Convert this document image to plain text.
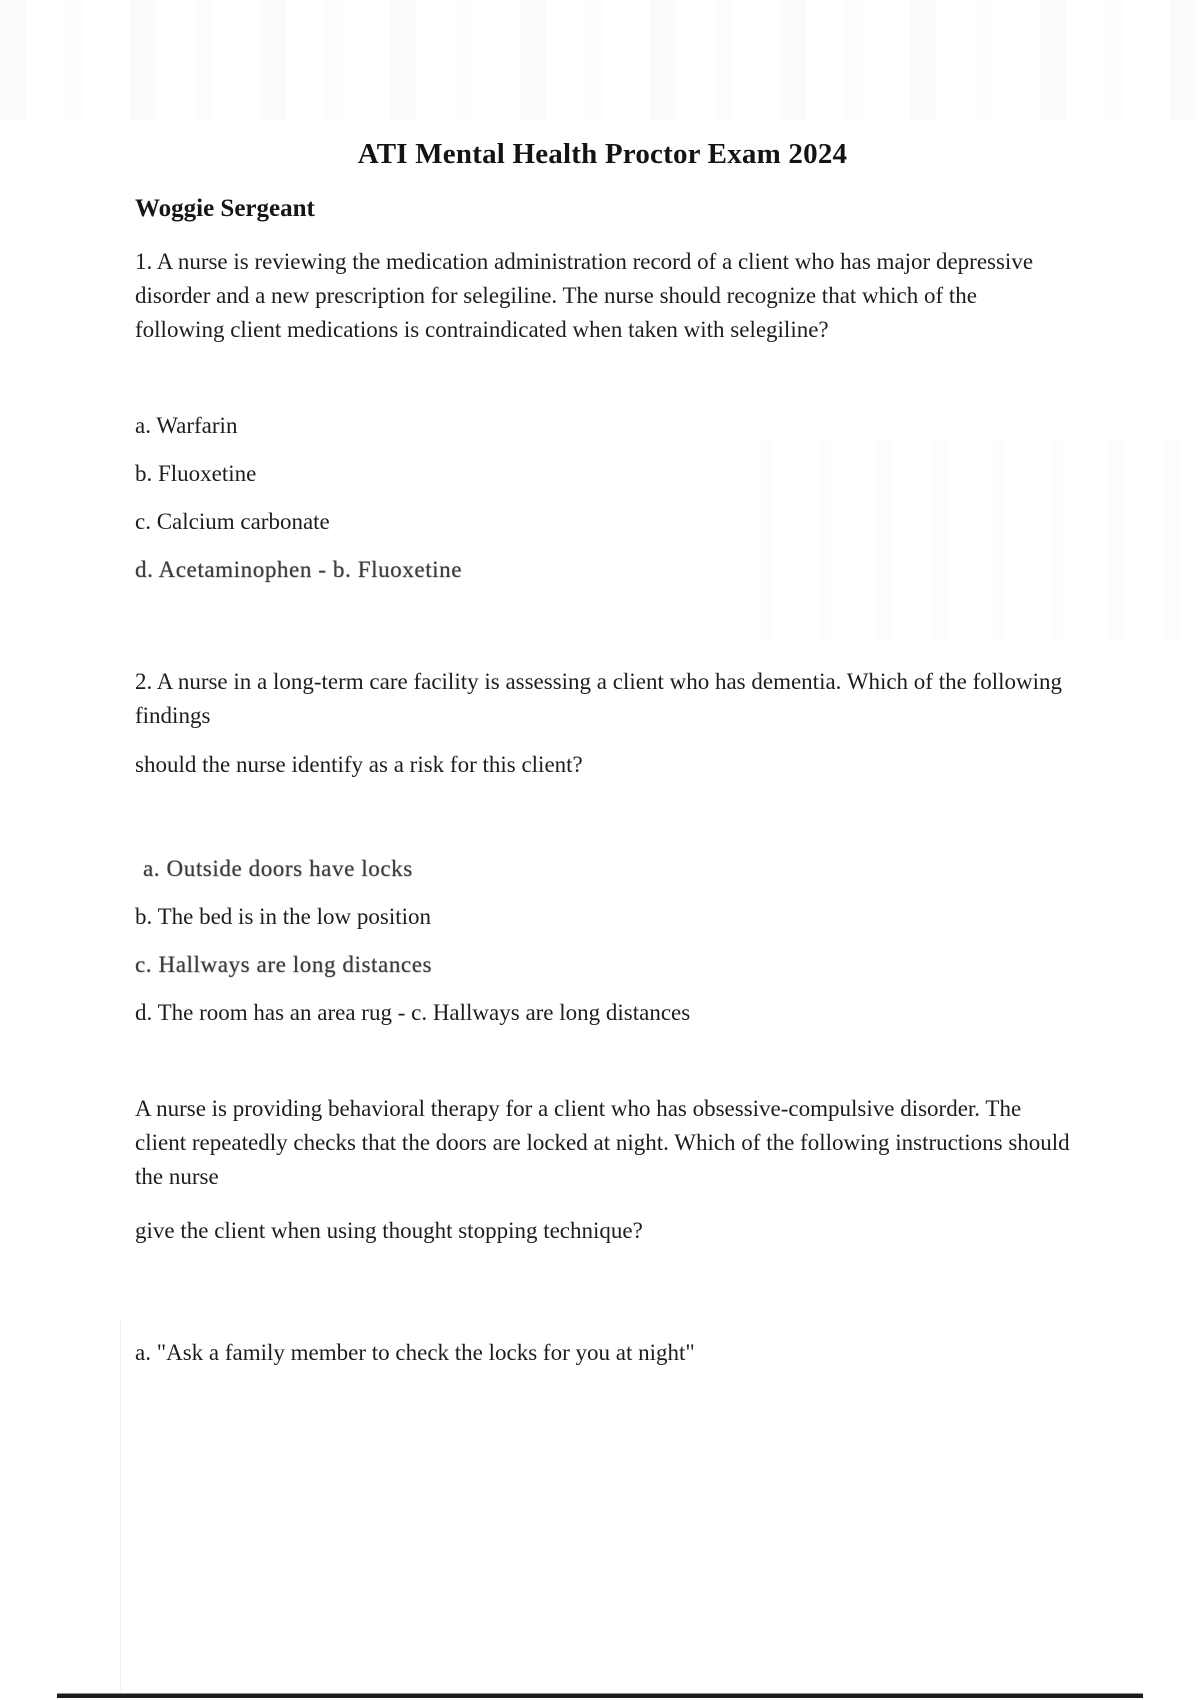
ATI Mental Health Proctor Exam 2024
Woggie Sergeant

1. A nurse is reviewing the medication administration record of a client who has major depressive disorder and a new prescription for selegiline. The nurse should recognize that which of the following client medications is contraindicated when taken with selegiline?

a. Warfarin

b. Fluoxetine

c. Calcium carbonate

d. Acetaminophen - b. Fluoxetine

2. A nurse in a long-term care facility is assessing a client who has dementia. Which of the following findings

should the nurse identify as a risk for this client?

a. Outside doors have locks

b. The bed is in the low position

c. Hallways are long distances

d. The room has an area rug - c. Hallways are long distances

A nurse is providing behavioral therapy for a client who has obsessive-compulsive disorder. The client repeatedly checks that the doors are locked at night. Which of the following instructions should the nurse

give the client when using thought stopping technique?

a. "Ask a family member to check the locks for you at night"
